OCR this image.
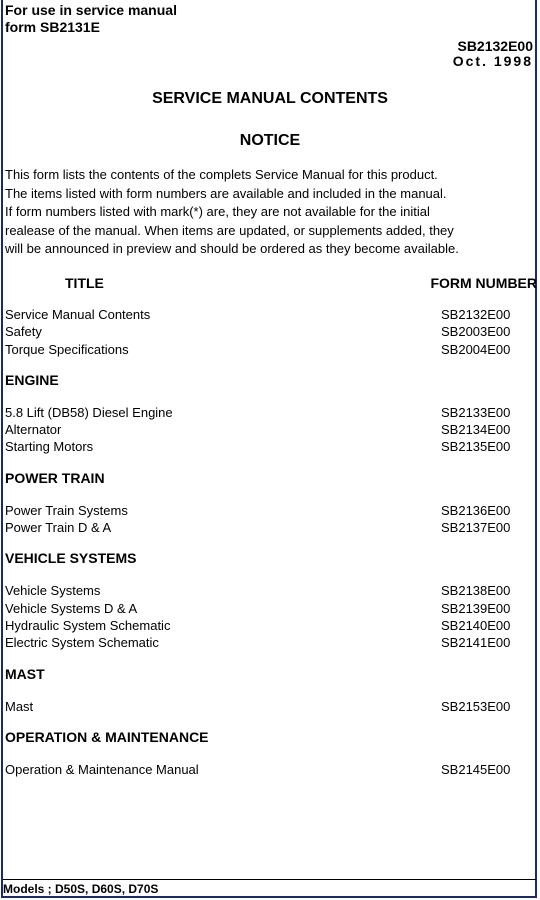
For use in service manual
form SB2131E
SB2132E00
Oct. 1998
SERVICE MANUAL CONTENTS
NOTICE
This form lists the contents of the complets Service Manual for this product.
The items listed with form numbers are available and included in the manual.
If form numbers listed with mark(*) are, they are not available for the initial
realease of the manual. When items are updated, or supplements added, they
will be announced in preview and should be ordered as they become available.
TITLE	FORM NUMBER
Service Manual Contents	SB2132E00
Safety	SB2003E00
Torque Specifications	SB2004E00
ENGINE
5.8 Lift (DB58) Diesel Engine	SB2133E00
Alternator	SB2134E00
Starting Motors	SB2135E00
POWER TRAIN
Power Train Systems	SB2136E00
Power Train D & A	SB2137E00
VEHICLE SYSTEMS
Vehicle Systems	SB2138E00
Vehicle Systems D & A	SB2139E00
Hydraulic System Schematic	SB2140E00
Electric System Schematic	SB2141E00
MAST
Mast	SB2153E00
OPERATION & MAINTENANCE
Operation & Maintenance Manual	SB2145E00
Models ; D50S, D60S, D70S
